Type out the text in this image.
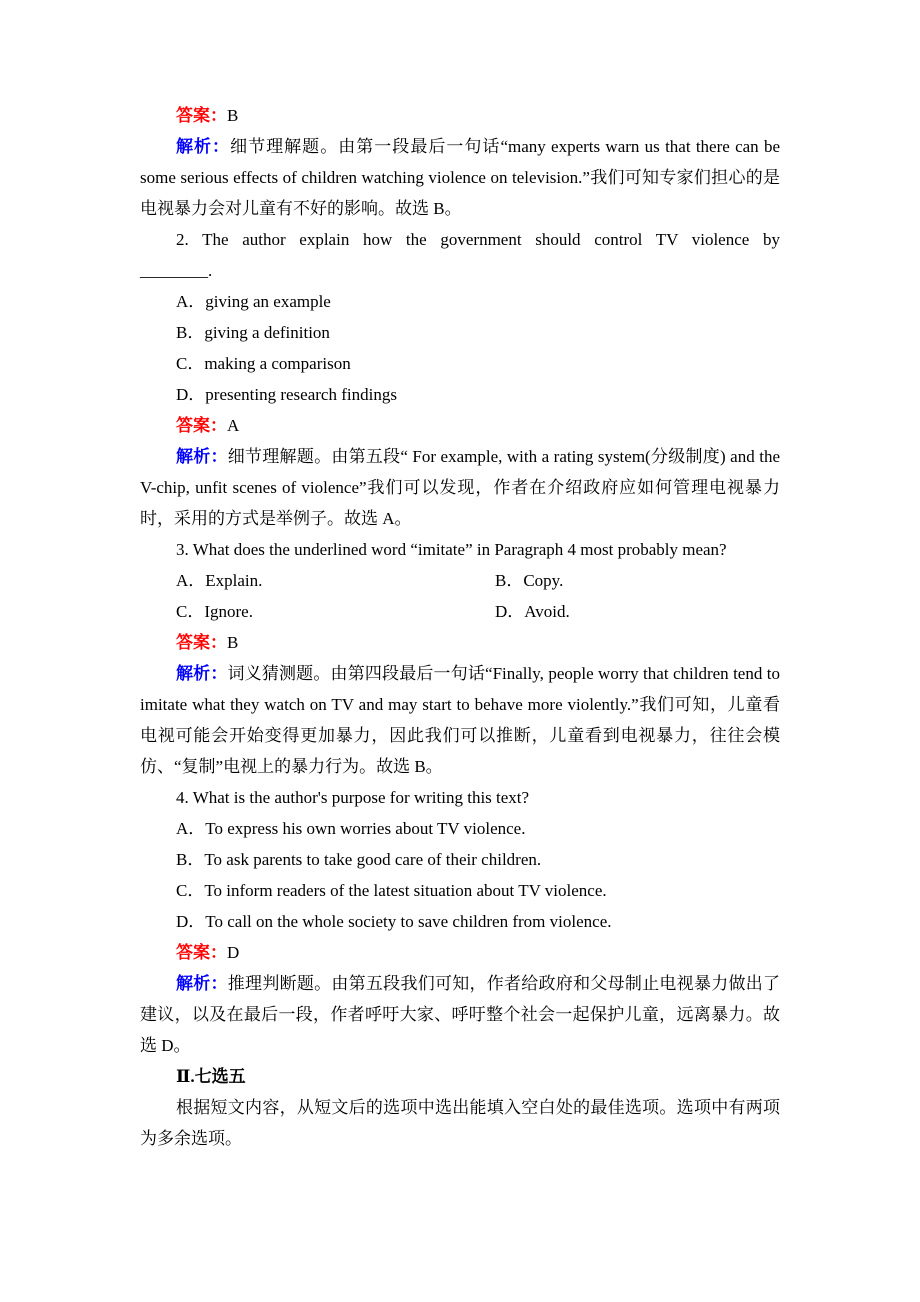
答案：B

解析：细节理解题。由第一段最后一句话“many experts warn us that there can be some serious effects of children watching violence on television.”我们可知专家们担心的是电视暴力会对儿童有不好的影响。故选 B。

2. The author explain how the government should control TV violence by
________.

A．giving an example

B．giving a definition

C．making a comparison

D．presenting research findings

答案：A

解析：细节理解题。由第五段“ For example, with a rating system(分级制度) and the V-chip, unfit scenes of violence”我们可以发现，作者在介绍政府应如何管理电视暴力时，采用的方式是举例子。故选 A。

3. What does the underlined word “imitate” in Paragraph 4 most probably mean?

A．Explain.	B．Copy.

C．Ignore.	D．Avoid.

答案：B

解析：词义猜测题。由第四段最后一句话“Finally, people worry that children tend to imitate what they watch on TV and may start to behave more violently.”我们可知，儿童看电视可能会开始变得更加暴力，因此我们可以推断，儿童看到电视暴力，往往会模仿、“复制”电视上的暴力行为。故选 B。

4. What is the author's purpose for writing this text?

A．To express his own worries about TV violence.

B．To ask parents to take good care of their children.

C．To inform readers of the latest situation about TV violence.

D．To call on the whole society to save children from violence.

答案：D

解析：推理判断题。由第五段我们可知，作者给政府和父母制止电视暴力做出了建议，以及在最后一段，作者呼吁大家、呼吁整个社会一起保护儿童，远离暴力。故选 D。

Ⅱ.七选五

根据短文内容，从短文后的选项中选出能填入空白处的最佳选项。选项中有两项为多余选项。
